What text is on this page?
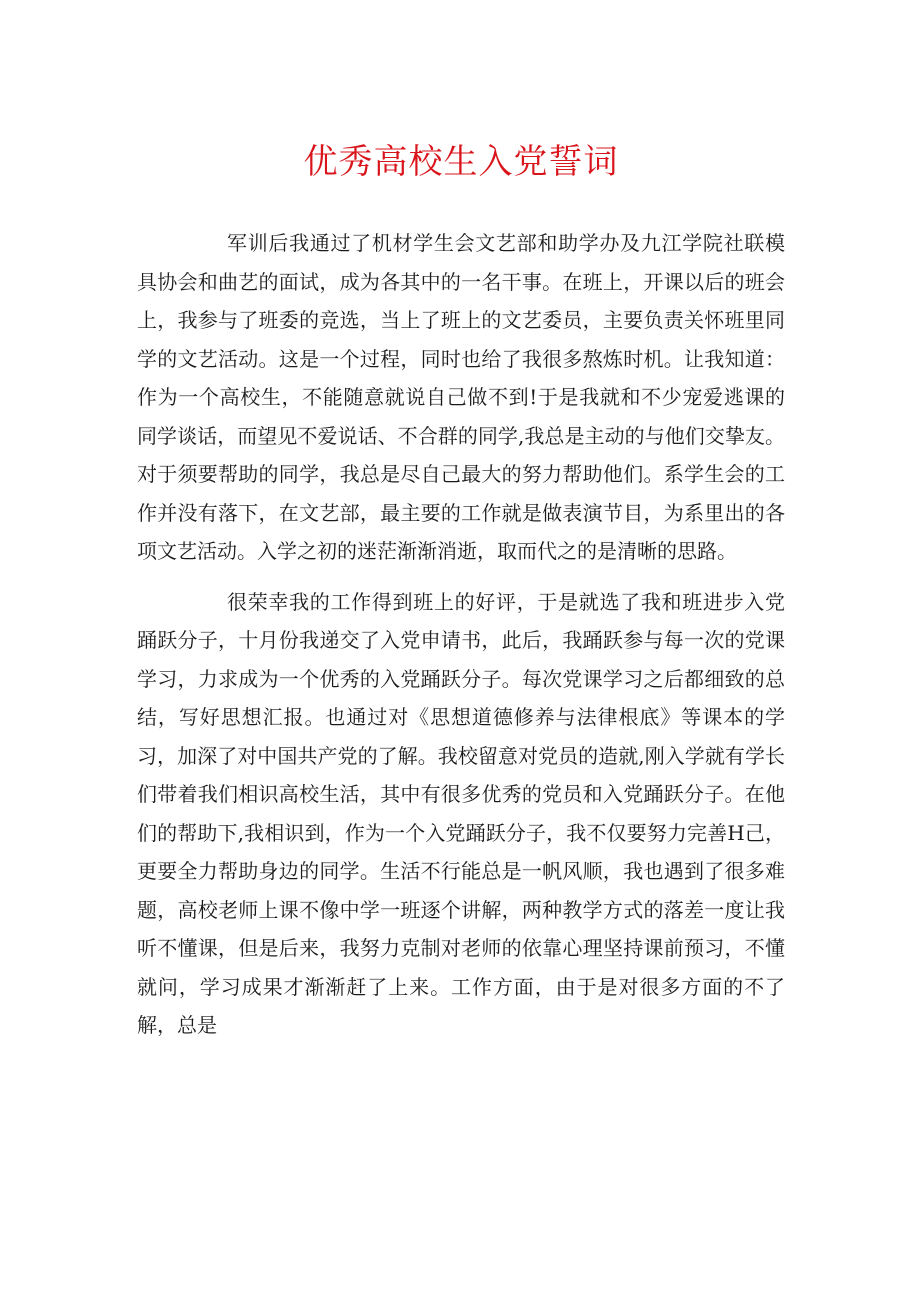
优秀高校生入党誓词

军训后我通过了机材学生会文艺部和助学办及九江学院社联模具协会和曲艺的面试，成为各其中的一名干事。在班上，开课以后的班会上，我参与了班委的竞选，当上了班上的文艺委员，主要负责关怀班里同学的文艺活动。这是一个过程，同时也给了我很多熬炼时机。让我知道：作为一个高校生，不能随意就说自己做不到!于是我就和不少宠爱逃课的同学谈话，而望见不爱说话、不合群的同学,我总是主动的与他们交挚友。对于须要帮助的同学，我总是尽自己最大的努力帮助他们。系学生会的工作并没有落下，在文艺部，最主要的工作就是做表演节目，为系里出的各项文艺活动。入学之初的迷茫渐渐消逝，取而代之的是清晰的思路。

很荣幸我的工作得到班上的好评，于是就选了我和班进步入党踊跃分子，十月份我递交了入党申请书，此后，我踊跃参与每一次的党课学习，力求成为一个优秀的入党踊跃分子。每次党课学习之后都细致的总结，写好思想汇报。也通过对《思想道德修养与法律根底》等课本的学习，加深了对中国共产党的了解。我校留意对党员的造就,刚入学就有学长们带着我们相识高校生活，其中有很多优秀的党员和入党踊跃分子。在他们的帮助下,我相识到，作为一个入党踊跃分子，我不仅要努力完善H己，更要全力帮助身边的同学。生活不行能总是一帆风顺，我也遇到了很多难题，高校老师上课不像中学一班逐个讲解，两种教学方式的落差一度让我听不懂课，但是后来，我努力克制对老师的依靠心理坚持课前预习，不懂就问，学习成果才渐渐赶了上来。工作方面，由于是对很多方面的不了解，总是
